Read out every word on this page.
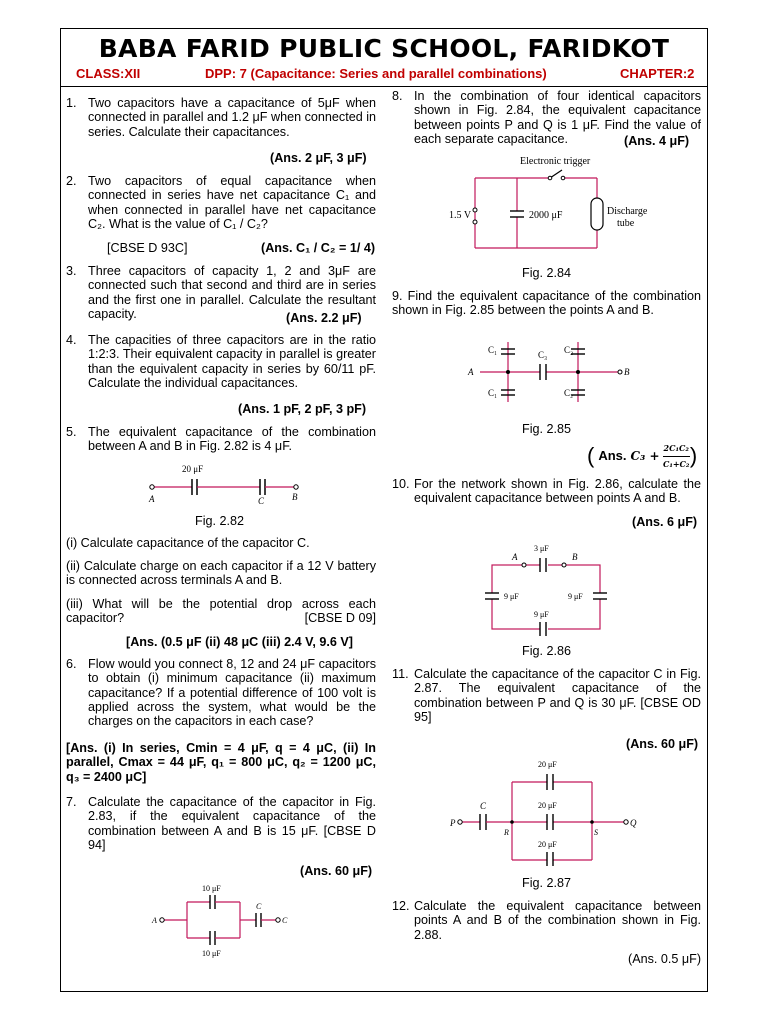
BABA FARID PUBLIC SCHOOL, FARIDKOT
CLASS:XII	DPP: 7 (Capacitance: Series and parallel combinations)	CHAPTER:2
1. Two capacitors have a capacitance of 5μF when connected in parallel and 1.2 μF when connected in series. Calculate their capacitances.
(Ans. 2 μF, 3 μF)
2. Two capacitors of equal capacitance when connected in series have net capacitance C₁ and when connected in parallel have net capacitance C₂. What is the value of C₁ / C₂?
[CBSE D 93C]	(Ans. C₁ / C₂ = 1/ 4)
3. Three capacitors of capacity 1, 2 and 3μF are connected such that second and third are in series and the first one in parallel. Calculate the resultant capacity.	(Ans. 2.2 μF)
4. The capacities of three capacitors are in the ratio 1:2:3. Their equivalent capacity in parallel is greater than the equivalent capacity in series by 60/11 pF. Calculate the individual capacitances.
(Ans. 1 pF, 2 pF, 3 pF)
5. The equivalent capacitance of the combination between A and B in Fig. 2.82 is 4 μF.
20 μF
A	C	B
Fig. 2.82
(i) Calculate capacitance of the capacitor C.
(ii) Calculate charge on each capacitor if a 12 V battery is connected across terminals A and B.
(iii) What will be the potential drop across each capacitor?	[CBSE D 09]
[Ans. (0.5 μF (ii) 48 μC (iii) 2.4 V, 9.6 V]
6. Flow would you connect 8, 12 and 24 μF capacitors to obtain (i) minimum capacitance (ii) maximum capacitance? If a potential difference of 100 volt is applied across the system, what would be the charges on the capacitors in each case?
[Ans. (i) In series, Cmin = 4 μF, q = 4 μC, (ii) In parallel, Cmax = 44 μF, q₁ = 800 μC, q₂ = 1200 μC, q₃ = 2400 μC]
7. Calculate the capacitance of the capacitor in Fig. 2.83, if the equivalent capacitance of the combination between A and B is 15 μF. [CBSE D 94]
(Ans. 60 μF)
10 μF
10 μF
A
C
C
8. In the combination of four identical capacitors shown in Fig. 2.84, the equivalent capacitance between points P and Q is 1 μF. Find the value of each separate capacitance.	(Ans. 4 μF)
Electronic trigger
1.5 V	2000 μF	Discharge
tube
Fig. 2.84
9. Find the equivalent capacitance of the combination shown in Fig. 2.85 between the points A and B.
C₁
C₁
C₂
C₂
C₃
A	B
Fig. 2.85
( Ans. $C_3 + \frac{\text{2C₁C₂}}{\text{C₁+C₂}}$ )
10. For the network shown in Fig. 2.86, calculate the equivalent capacitance between points A and B.
(Ans. 6 μF)
3 μF
9 μF	9 μF
9 μF
A	B
Fig. 2.86
11. Calculate the capacitance of the capacitor C in Fig. 2.87. The equivalent capacitance of the combination between P and Q is 30 μF. [CBSE OD 95]
(Ans. 60 μF)
20 μF
20 μF
20 μF
C
P	Q
R	S
Fig. 2.87
12. Calculate the equivalent capacitance between points A and B of the combination shown in Fig. 2.88.
(Ans. 0.5 μF)
